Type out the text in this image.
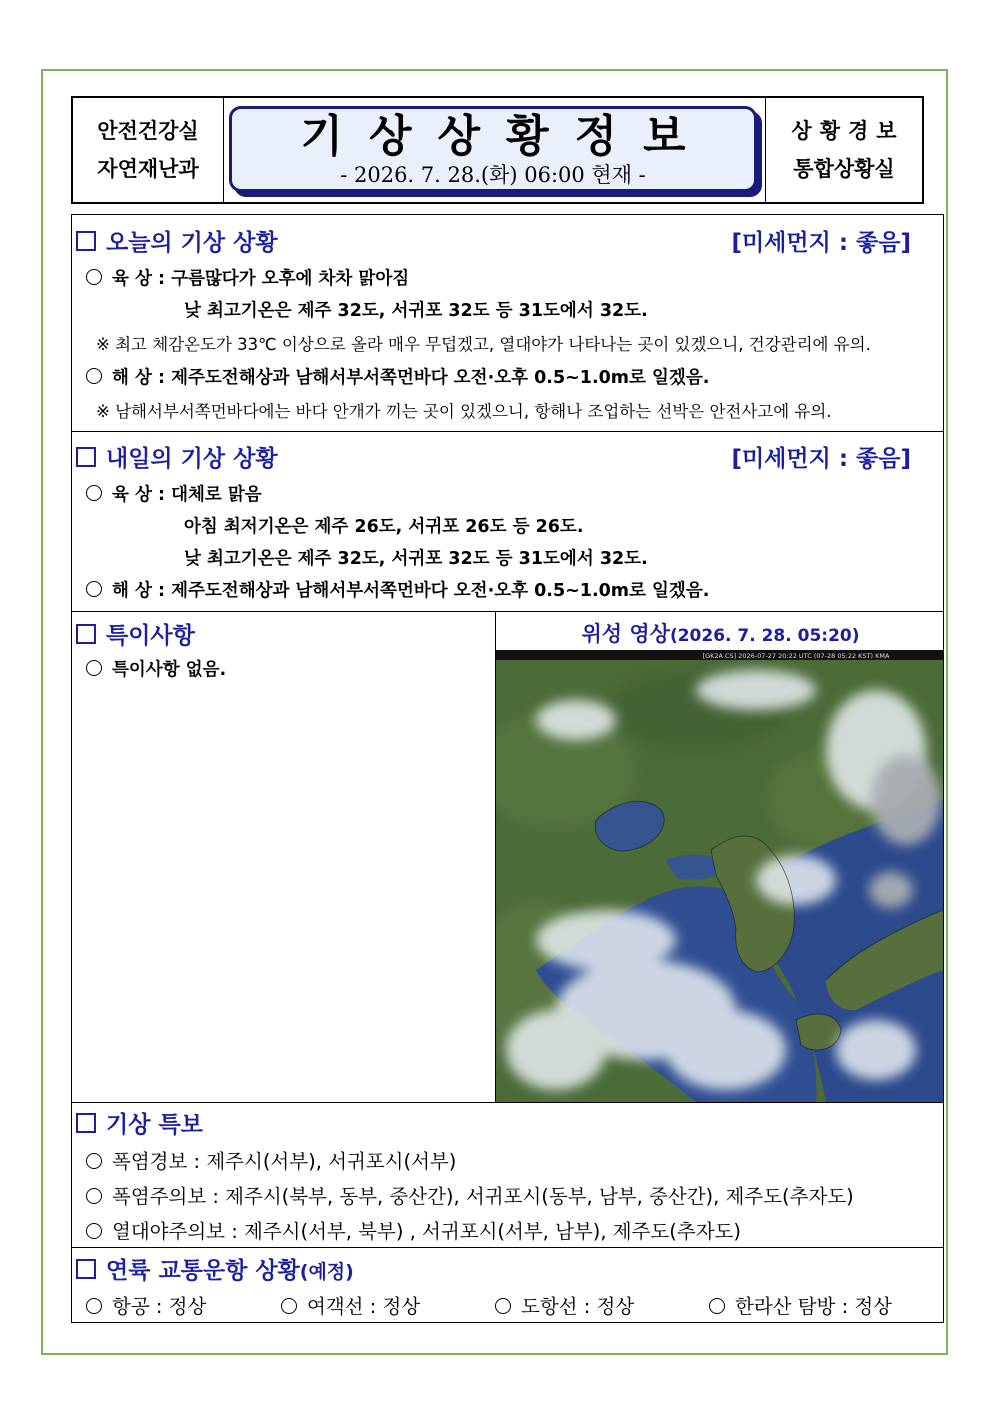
안전건강실
자연재난과
기상상황정보
- 2026. 7. 28.(화) 06:00 현재 -
상황경보
통합상황실
오늘의 기상 상황	[미세먼지 : 좋음]
육 상 : 구름많다가 오후에 차차 맑아짐
낮 최고기온은 제주 32도, 서귀포 32도 등 31도에서 32도.
※ 최고 체감온도가 33℃ 이상으로 올라 매우 무덥겠고, 열대야가 나타나는 곳이 있겠으니, 건강관리에 유의.
해 상 : 제주도전해상과 남해서부서쪽먼바다 오전·오후 0.5~1.0m로 일겠음.
※ 남해서부서쪽먼바다에는 바다 안개가 끼는 곳이 있겠으니, 항해나 조업하는 선박은 안전사고에 유의.
내일의 기상 상황	[미세먼지 : 좋음]
육 상 : 대체로 맑음
아침 최저기온은 제주 26도, 서귀포 26도 등 26도.
낮 최고기온은 제주 32도, 서귀포 32도 등 31도에서 32도.
해 상 : 제주도전해상과 남해서부서쪽먼바다 오전·오후 0.5~1.0m로 일겠음.
특이사항
특이사항 없음.
위성 영상(2026. 7. 28. 05:20)
[GK2A CS] 2026-07-27 20:22 UTC (07-28 05:22 KST) KMA
기상 특보
폭염경보 : 제주시(서부), 서귀포시(서부)
폭염주의보 : 제주시(북부, 동부, 중산간), 서귀포시(동부, 남부, 중산간), 제주도(추자도)
열대야주의보 : 제주시(서부, 북부) , 서귀포시(서부, 남부), 제주도(추자도)
연륙 교통운항 상황(예정)
항공 : 정상	여객선 : 정상	도항선 : 정상	한라산 탐방 : 정상
